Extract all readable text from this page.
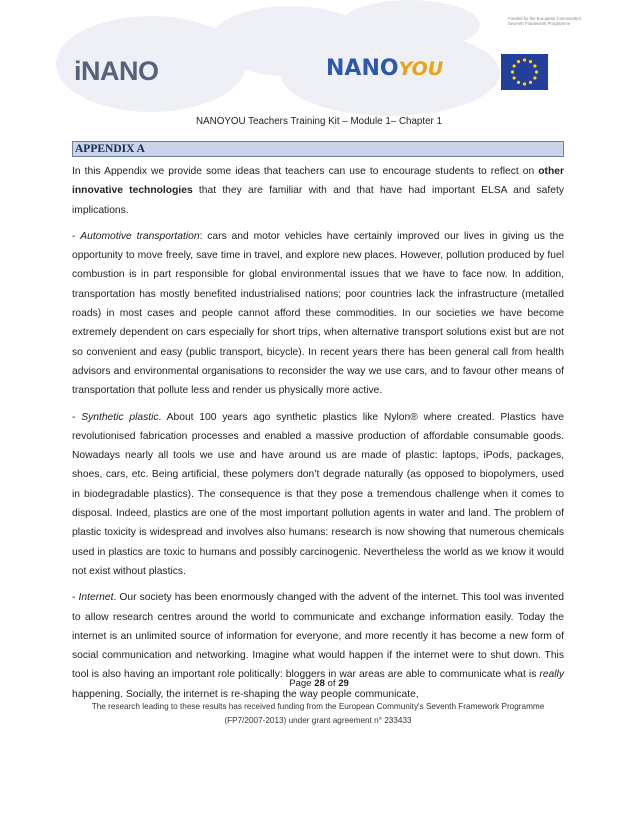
iNANO	NANOYOU
Funded by the European Community's Seventh Framework Programme
NANOYOU Teachers Training Kit – Module 1– Chapter 1
APPENDIX A

In this Appendix we provide some ideas that teachers can use to encourage students to reflect on other innovative technologies that they are familiar with and that have had important ELSA and safety implications.

- Automotive transportation: cars and motor vehicles have certainly improved our lives in giving us the opportunity to move freely, save time in travel, and explore new places. However, pollution produced by fuel combustion is in part responsible for global environmental issues that we have to face now. In addition, transportation has mostly benefited industrialised nations; poor countries lack the infrastructure (metalled roads) in most cases and people cannot afford these commodities. In our societies we have become extremely dependent on cars especially for short trips, when alternative transport solutions exist but are not so convenient and easy (public transport, bicycle). In recent years there has been general call from health advisors and environmental organisations to reconsider the way we use cars, and to favour other means of transportation that pollute less and render us physically more active.

- Synthetic plastic. About 100 years ago synthetic plastics like Nylon® where created. Plastics have revolutionised fabrication processes and enabled a massive production of affordable consumable goods. Nowadays nearly all tools we use and have around us are made of plastic: laptops, iPods, packages, shoes, cars, etc. Being artificial, these polymers don’t degrade naturally (as opposed to biopolymers, used in biodegradable plastics). The consequence is that they pose a tremendous challenge when it comes to disposal. Indeed, plastics are one of the most important pollution agents in water and land. The problem of plastic toxicity is widespread and involves also humans: research is now showing that numerous chemicals used in plastics are toxic to humans and possibly carcinogenic. Nevertheless the world as we know it would not exist without plastics.

- Internet. Our society has been enormously changed with the advent of the internet. This tool was invented to allow research centres around the world to communicate and exchange information easily. Today the internet is an unlimited source of information for everyone, and more recently it has become a new form of social communication and networking. Imagine what would happen if the internet were to shut down. This tool is also having an important role politically: bloggers in war areas are able to communicate what is really happening. Socially, the internet is re-shaping the way people communicate,

Page 28 of 29
The research leading to these results has received funding from the European Community's Seventh Framework Programme
(FP7/2007-2013) under grant agreement n° 233433
